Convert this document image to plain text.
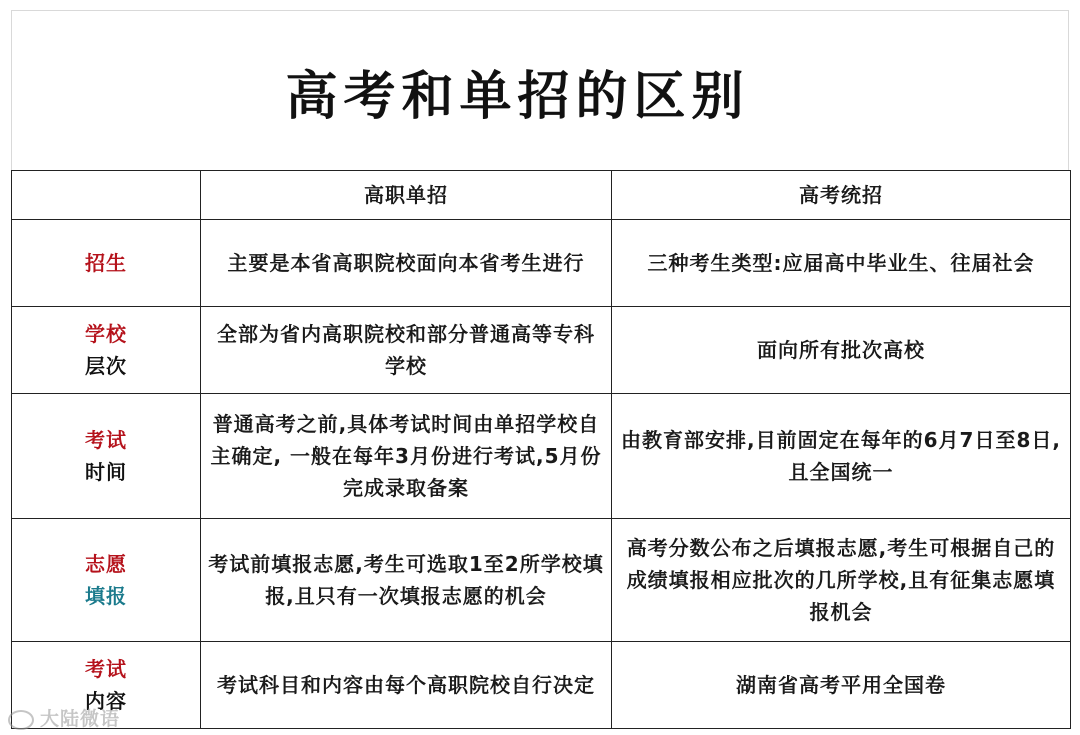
高考和单招的区别
	高职单招	高考统招
招生	主要是本省高职院校面向本省考生进行	三种考生类型:应届高中毕业生、往届社会
学校
层次	全部为省内高职院校和部分普通高等专科学校	面向所有批次高校
考试
时间	普通高考之前,具体考试时间由单招学校自主确定, 一般在每年3月份进行考试,5月份完成录取备案	由教育部安排,目前固定在每年的6月7日至8日,且全国统一
志愿
填报	考试前填报志愿,考生可选取1至2所学校填报,且只有一次填报志愿的机会	高考分数公布之后填报志愿,考生可根据自己的成绩填报相应批次的几所学校,且有征集志愿填报机会
考试
内容	考试科目和内容由每个高职院校自行决定	湖南省高考平用全国卷
大陆微语
